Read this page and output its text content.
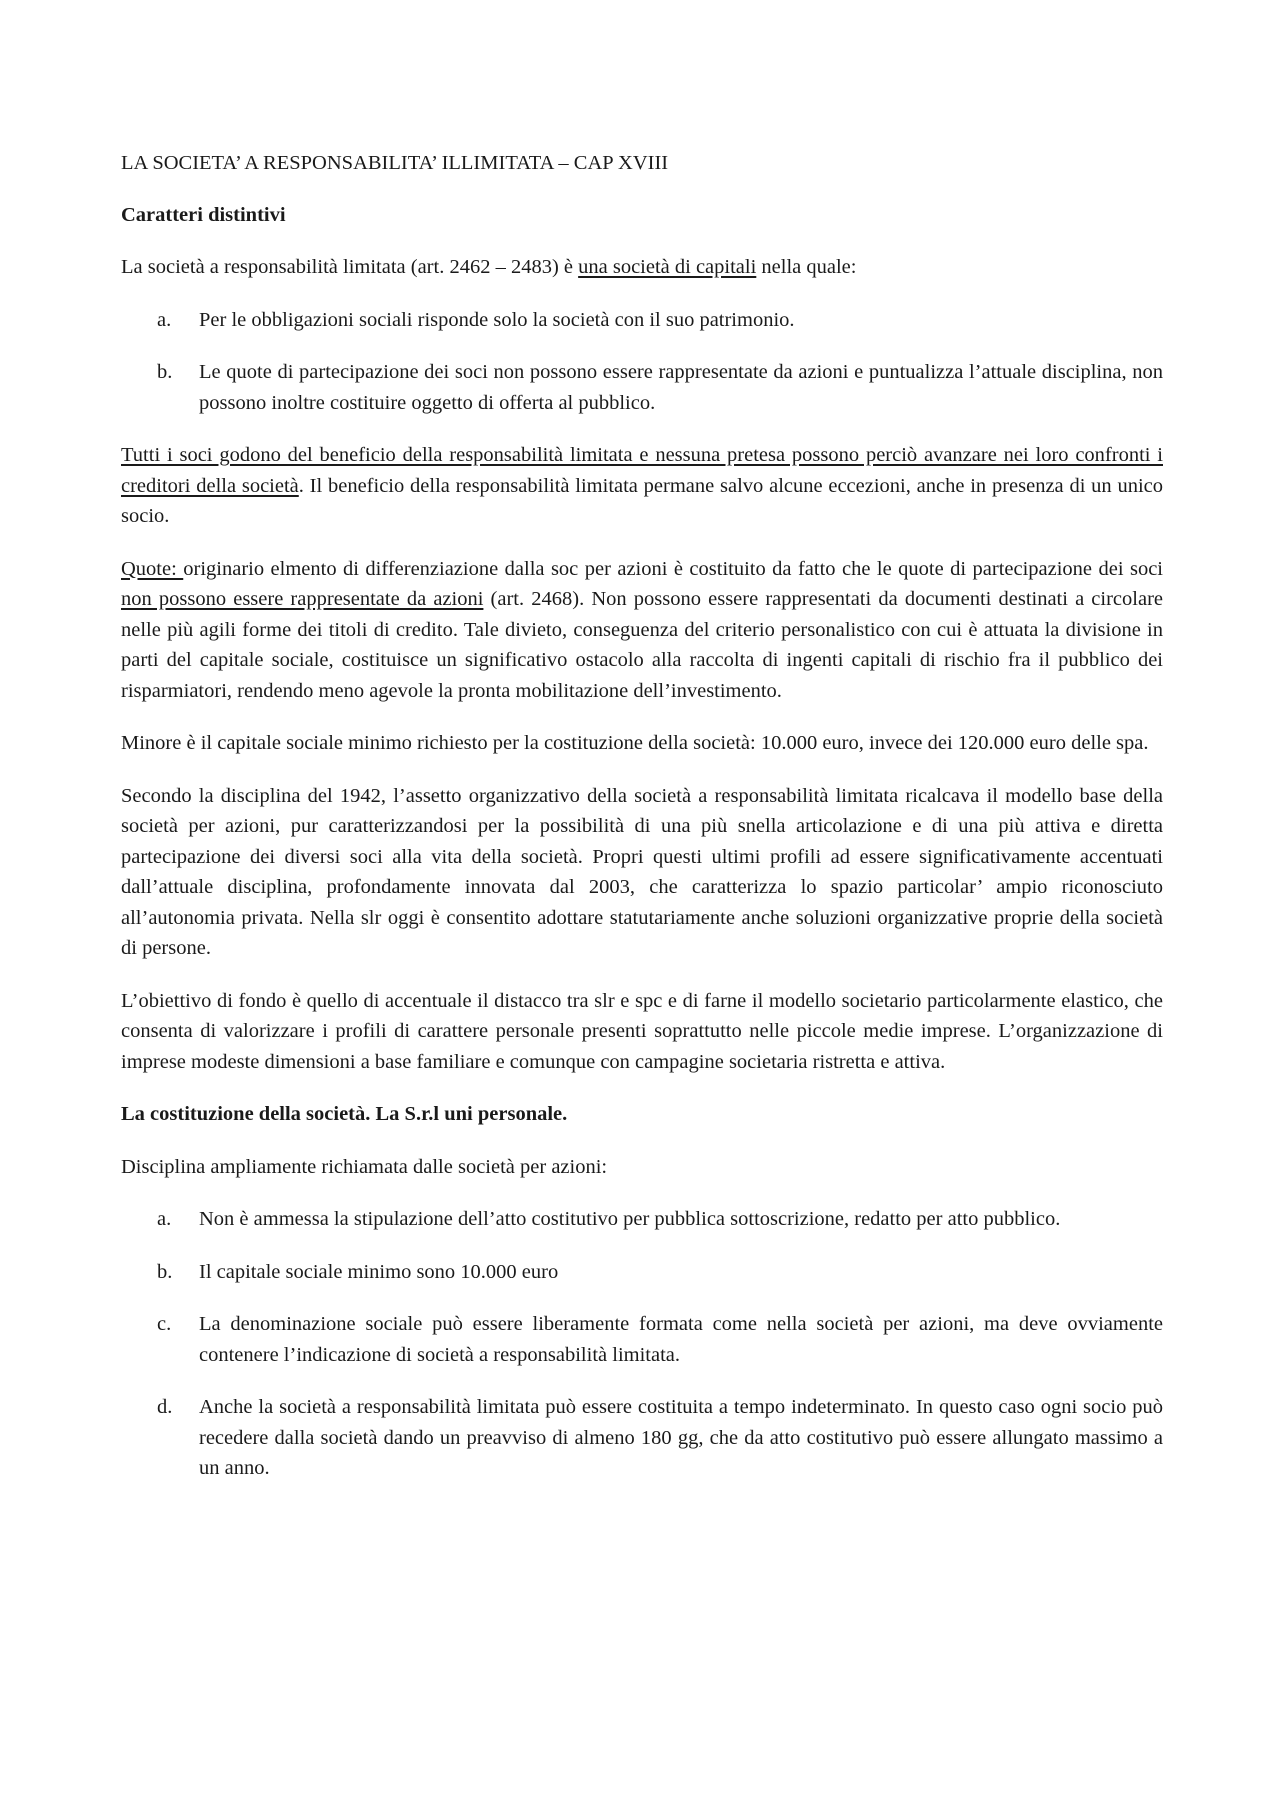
LA SOCIETA’ A RESPONSABILITA’ ILLIMITATA – CAP XVIII

Caratteri distintivi

La società a responsabilità limitata (art. 2462 – 2483) è una società di capitali nella quale:

a. Per le obbligazioni sociali risponde solo la società con il suo patrimonio.
b. Le quote di partecipazione dei soci non possono essere rappresentate da azioni e puntualizza l’attuale disciplina, non possono inoltre costituire oggetto di offerta al pubblico.

Tutti i soci godono del beneficio della responsabilità limitata e nessuna pretesa possono perciò avanzare nei loro confronti i creditori della società. Il beneficio della responsabilità limitata permane salvo alcune eccezioni, anche in presenza di un unico socio.

Quote: originario elmento di differenziazione dalla soc per azioni è costituito da fatto che le quote di partecipazione dei soci non possono essere rappresentate da azioni (art. 2468). Non possono essere rappresentati da documenti destinati a circolare nelle più agili forme dei titoli di credito. Tale divieto, conseguenza del criterio personalistico con cui è attuata la divisione in parti del capitale sociale, costituisce un significativo ostacolo alla raccolta di ingenti capitali di rischio fra il pubblico dei risparmiatori, rendendo meno agevole la pronta mobilitazione dell’investimento.

Minore è il capitale sociale minimo richiesto per la costituzione della società: 10.000 euro, invece dei 120.000 euro delle spa.

Secondo la disciplina del 1942, l’assetto organizzativo della società a responsabilità limitata ricalcava il modello base della società per azioni, pur caratterizzandosi per la possibilità di una più snella articolazione e di una più attiva e diretta partecipazione dei diversi soci alla vita della società. Propri questi ultimi profili ad essere significativamente accentuati dall’attuale disciplina, profondamente innovata dal 2003, che caratterizza lo spazio particolar’ ampio riconosciuto all’autonomia privata. Nella slr oggi è consentito adottare statutariamente anche soluzioni organizzative proprie della società di persone.

L’obiettivo di fondo è quello di accentuale il distacco tra slr e spc e di farne il modello societario particolarmente elastico, che consenta di valorizzare i profili di carattere personale presenti soprattutto nelle piccole medie imprese. L’organizzazione di imprese modeste dimensioni a base familiare e comunque con campagine societaria ristretta e attiva.

La costituzione della società. La S.r.l uni personale.

Disciplina ampliamente richiamata dalle società per azioni:

a. Non è ammessa la stipulazione dell’atto costitutivo per pubblica sottoscrizione, redatto per atto pubblico.
b. Il capitale sociale minimo sono 10.000 euro
c. La denominazione sociale può essere liberamente formata come nella società per azioni, ma deve ovviamente contenere l’indicazione di società a responsabilità limitata.
d. Anche la società a responsabilità limitata può essere costituita a tempo indeterminato. In questo caso ogni socio può recedere dalla società dando un preavviso di almeno 180 gg, che da atto costitutivo può essere allungato massimo a un anno.
